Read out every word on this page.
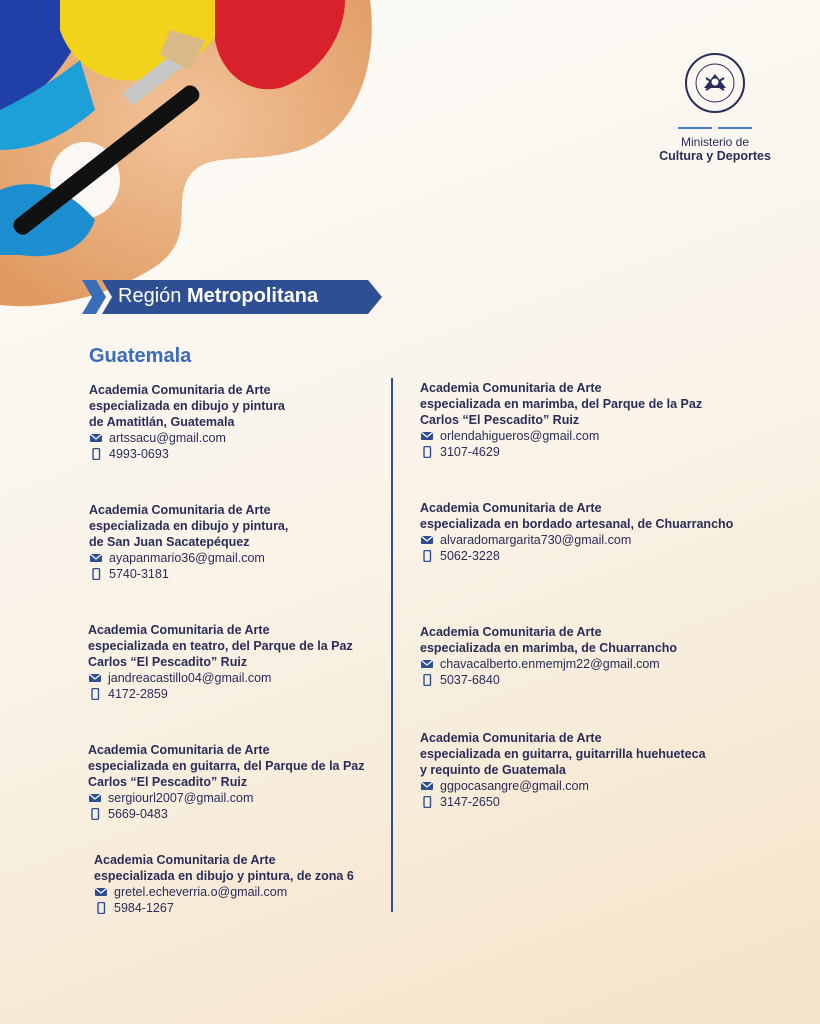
Ministerio de
Cultura y Deportes
Región Metropolitana
Guatemala
Academia Comunitaria de Arte
especializada en dibujo y pintura
de Amatitlán, Guatemala
artssacu@gmail.com
4993-0693
Academia Comunitaria de Arte
especializada en dibujo y pintura,
de San Juan Sacatepéquez
ayapanmario36@gmail.com
5740-3181
Academia Comunitaria de Arte
especializada en teatro, del Parque de la Paz
Carlos “El Pescadito” Ruiz
jandreacastillo04@gmail.com
4172-2859
Academia Comunitaria de Arte
especializada en guitarra, del Parque de la Paz
Carlos “El Pescadito” Ruiz
sergiourl2007@gmail.com
5669-0483
Academia Comunitaria de Arte
especializada en dibujo y pintura, de zona 6
gretel.echeverria.o@gmail.com
5984-1267
Academia Comunitaria de Arte
especializada en marimba, del Parque de la Paz
Carlos “El Pescadito” Ruiz
orlendahigueros@gmail.com
3107-4629
Academia Comunitaria de Arte
especializada en bordado artesanal, de Chuarrancho
alvaradomargarita730@gmail.com
5062-3228
Academia Comunitaria de Arte
especializada en marimba, de Chuarrancho
chavacalberto.enmemjm22@gmail.com
5037-6840
Academia Comunitaria de Arte
especializada en guitarra, guitarrilla huehueteca
y requinto de Guatemala
ggpocasangre@gmail.com
3147-2650
